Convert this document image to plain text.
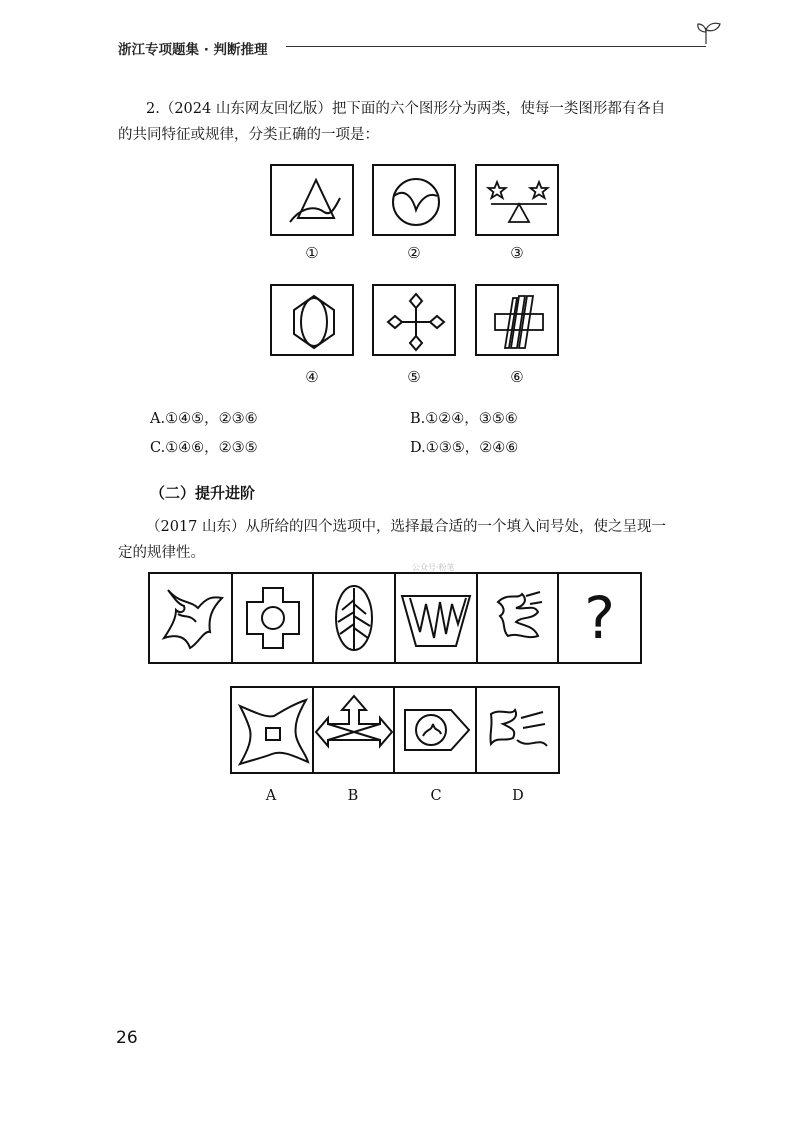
浙江专项题集 · 判断推理
2.（2024 山东网友回忆版）把下面的六个图形分为两类，使每一类图形都有各自
的共同特征或规律，分类正确的一项是：
①	②	③
④	⑤	⑥
A.①④⑤，②③⑥	B.①②④，③⑤⑥
C.①④⑥，②③⑤	D.①③⑤，②④⑥
（二）提升进阶
（2017 山东）从所给的四个选项中，选择最合适的一个填入问号处，使之呈现一
定的规律性。
公众号·粉笔
?
A	B	C	D
26
